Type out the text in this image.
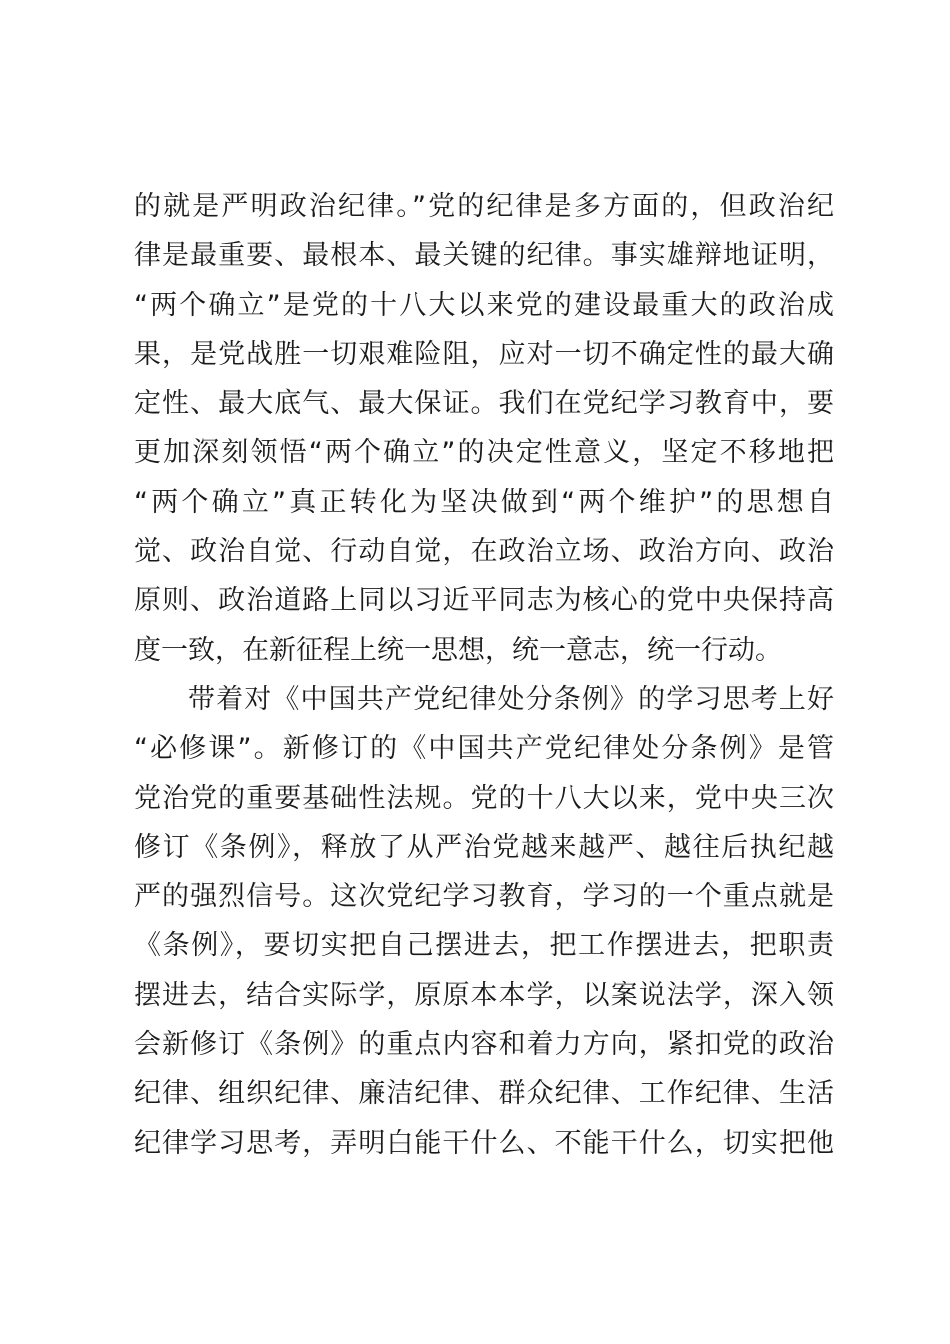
的就是严明政治纪律。”党的纪律是多方面的，但政治纪
律是最重要、最根本、最关键的纪律。事实雄辩地证明，
“两个确立”是党的十八大以来党的建设最重大的政治成
果，是党战胜一切艰难险阻，应对一切不确定性的最大确
定性、最大底气、最大保证。我们在党纪学习教育中，要
更加深刻领悟“两个确立”的决定性意义，坚定不移地把
“两个确立”真正转化为坚决做到“两个维护”的思想自
觉、政治自觉、行动自觉，在政治立场、政治方向、政治
原则、政治道路上同以习近平同志为核心的党中央保持高
度一致，在新征程上统一思想，统一意志，统一行动。
带着对《中国共产党纪律处分条例》的学习思考上好
“必修课”。新修订的《中国共产党纪律处分条例》是管
党治党的重要基础性法规。党的十八大以来，党中央三次
修订《条例》，释放了从严治党越来越严、越往后执纪越
严的强烈信号。这次党纪学习教育，学习的一个重点就是
《条例》，要切实把自己摆进去，把工作摆进去，把职责
摆进去，结合实际学，原原本本学，以案说法学，深入领
会新修订《条例》的重点内容和着力方向，紧扣党的政治
纪律、组织纪律、廉洁纪律、群众纪律、工作纪律、生活
纪律学习思考，弄明白能干什么、不能干什么，切实把他
